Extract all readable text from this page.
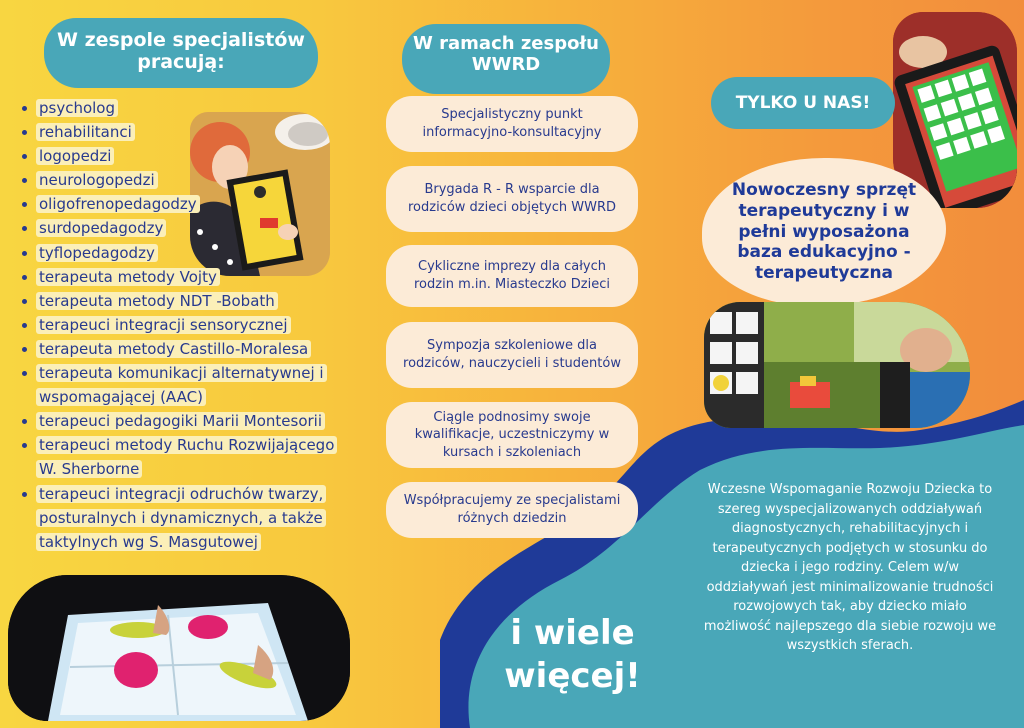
W zespole specjalistów pracują:
psycholog
rehabilitanci
logopedzi
neurologopedzi
oligofrenopedagodzy
surdopedagodzy
tyflopedagodzy
terapeuta metody Vojty
terapeuta metody NDT -Bobath
terapeuci integracji sensorycznej
terapeuta metody Castillo-Moralesa
terapeuta komunikacji alternatywnej i wspomagającej (AAC)
terapeuci pedagogiki Marii Montesorii
terapeuci metody Ruchu Rozwijającego W. Sherborne
terapeuci integracji odruchów twarzy, posturalnych i dynamicznych, a także taktylnych wg S. Masgutowej
W ramach zespołu WWRD
Specjalistyczny punkt informacyjno-konsultacyjny
Brygada R - R wsparcie dla rodziców dzieci objętych WWRD
Cykliczne imprezy dla całych rodzin m.in. Miasteczko Dzieci
Sympozja szkoleniowe dla rodziców, nauczycieli i studentów
Ciągle podnosimy swoje kwalifikacje, uczestniczymy w kursach i szkoleniach
Współpracujemy ze specjalistami różnych dziedzin
i wiele więcej!
TYLKO U NAS!
Nowoczesny sprzęt terapeutyczny i w pełni wyposażona baza edukacyjno - terapeutyczna
Wczesne Wspomaganie Rozwoju Dziecka to szereg wyspecjalizowanych oddziaływań diagnostycznych, rehabilitacyjnych i terapeutycznych podjętych w stosunku do dziecka i jego rodziny. Celem w/w oddziaływań jest minimalizowanie trudności rozwojowych tak, aby dziecko miało możliwość najlepszego dla siebie rozwoju we wszystkich sferach.
